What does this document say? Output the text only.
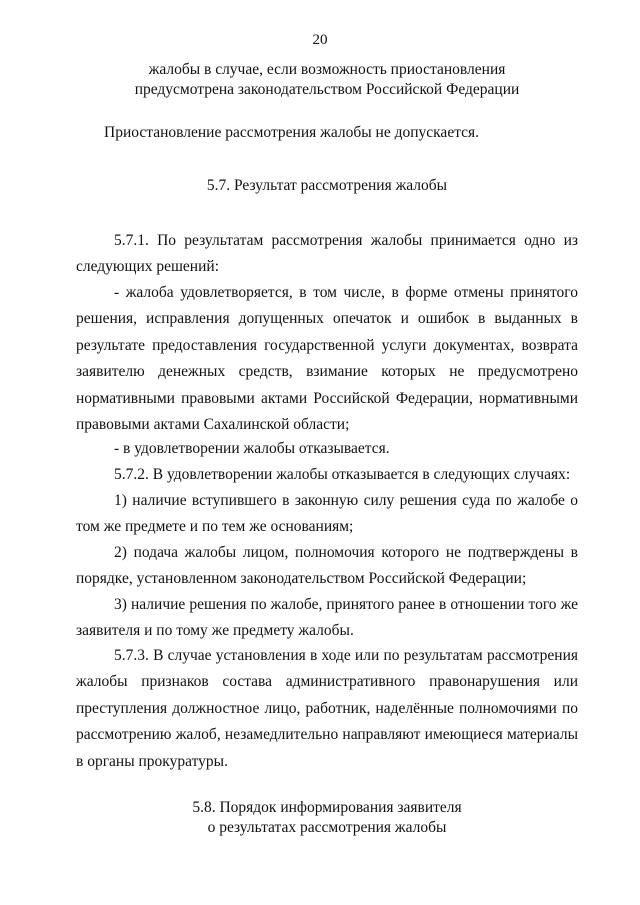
20
жалобы в случае, если возможность приостановления
предусмотрена законодательством Российской Федерации
Приостановление рассмотрения жалобы не допускается.
5.7. Результат рассмотрения жалобы
5.7.1. По результатам рассмотрения жалобы принимается одно из следующих решений:
- жалоба удовлетворяется, в том числе, в форме отмены принятого решения, исправления допущенных опечаток и ошибок в выданных в результате предоставления государственной услуги документах, возврата заявителю денежных средств, взимание которых не предусмотрено нормативными правовыми актами Российской Федерации, нормативными правовыми актами Сахалинской области;
- в удовлетворении жалобы отказывается.
5.7.2. В удовлетворении жалобы отказывается в следующих случаях:
1) наличие вступившего в законную силу решения суда по жалобе о том же предмете и по тем же основаниям;
2) подача жалобы лицом, полномочия которого не подтверждены в порядке, установленном законодательством Российской Федерации;
3) наличие решения по жалобе, принятого ранее в отношении того же заявителя и по тому же предмету жалобы.
5.7.3. В случае установления в ходе или по результатам рассмотрения жалобы признаков состава административного правонарушения или преступления должностное лицо, работник, наделённые полномочиями по рассмотрению жалоб, незамедлительно направляют имеющиеся материалы в органы прокуратуры.
5.8. Порядок информирования заявителя
о результатах рассмотрения жалобы
